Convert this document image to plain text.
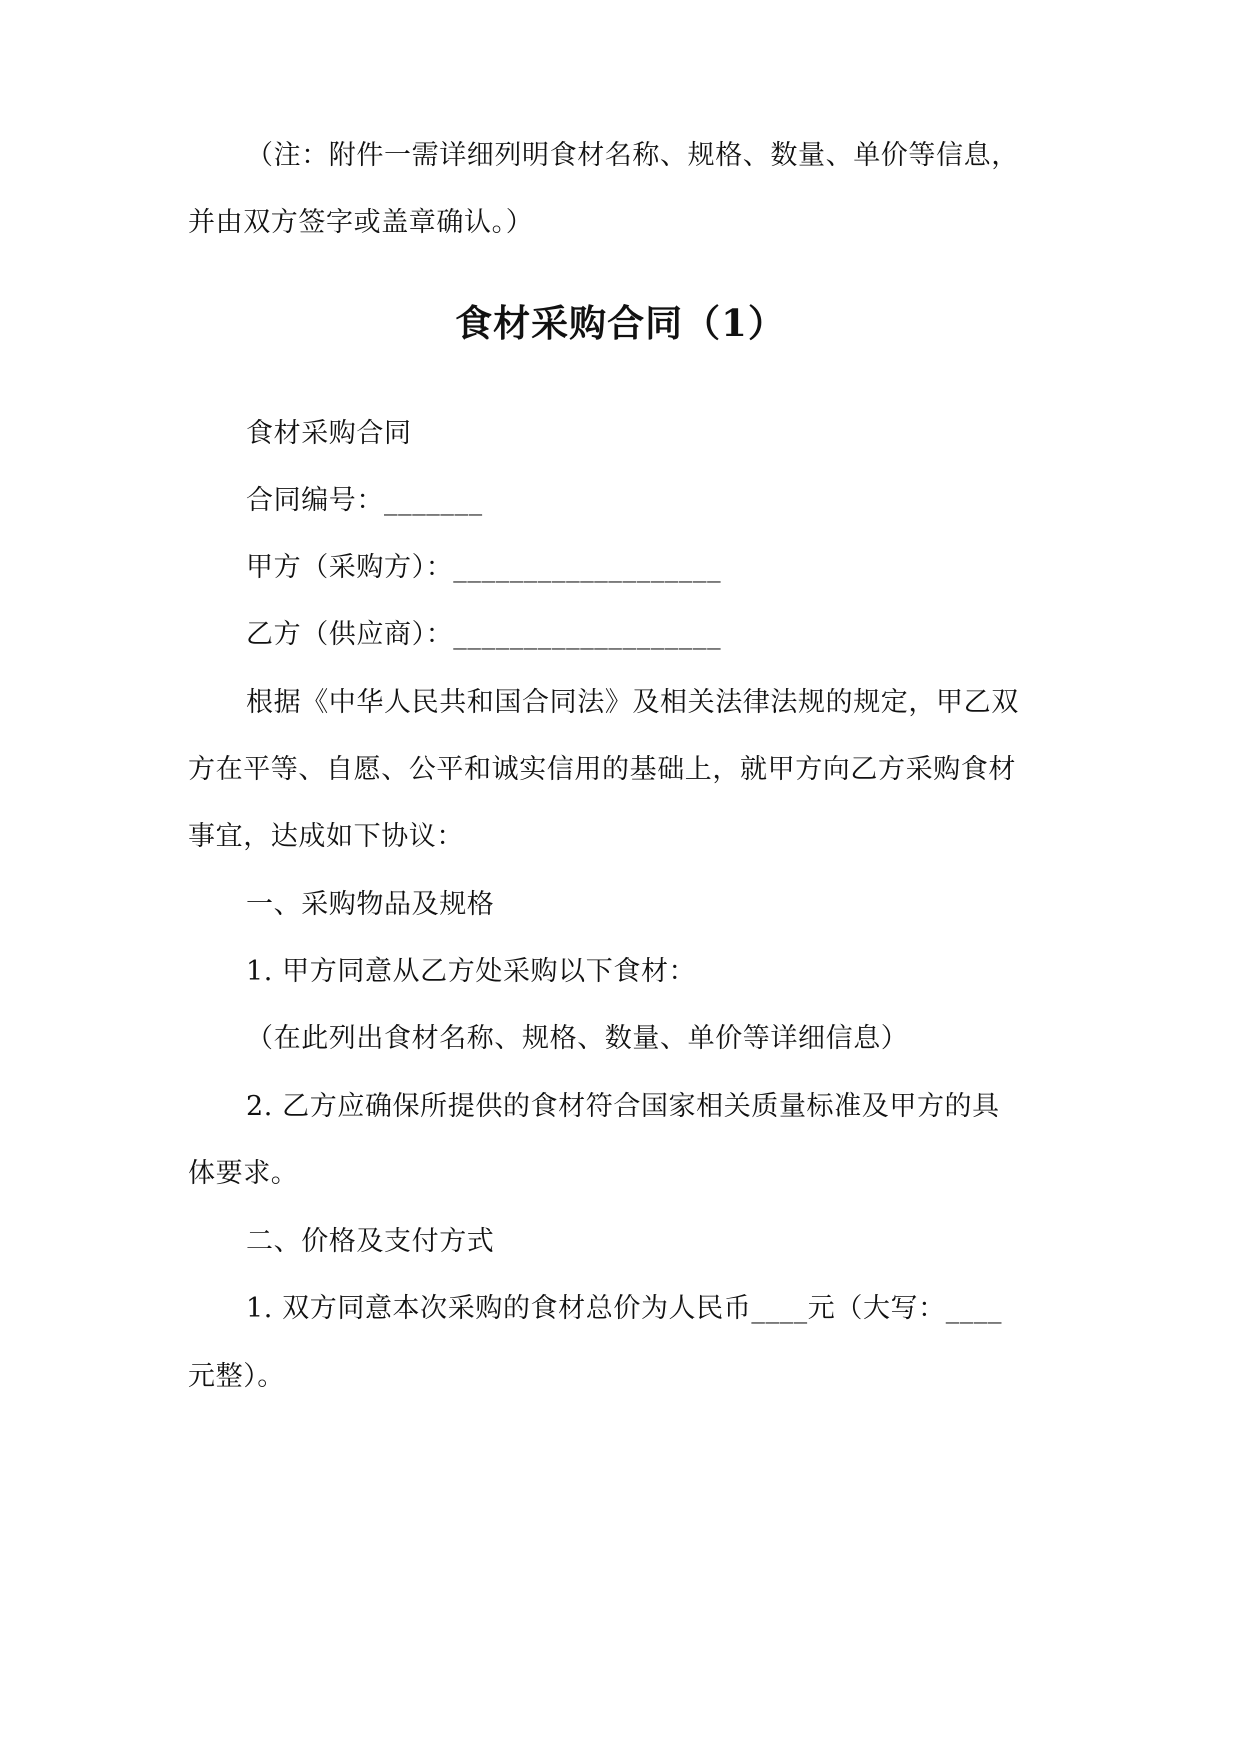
（注：附件一需详细列明食材名称、规格、数量、单价等信息，
并由双方签字或盖章确认。）
食材采购合同（1）
食材采购合同
合同编号：_______
甲方（采购方）：___________________
乙方（供应商）：___________________
根据《中华人民共和国合同法》及相关法律法规的规定，甲乙双
方在平等、自愿、公平和诚实信用的基础上，就甲方向乙方采购食材
事宜，达成如下协议：
一、采购物品及规格
1. 甲方同意从乙方处采购以下食材：
（在此列出食材名称、规格、数量、单价等详细信息）
2. 乙方应确保所提供的食材符合国家相关质量标准及甲方的具
体要求。
二、价格及支付方式
1. 双方同意本次采购的食材总价为人民币____元（大写：____
元整）。
